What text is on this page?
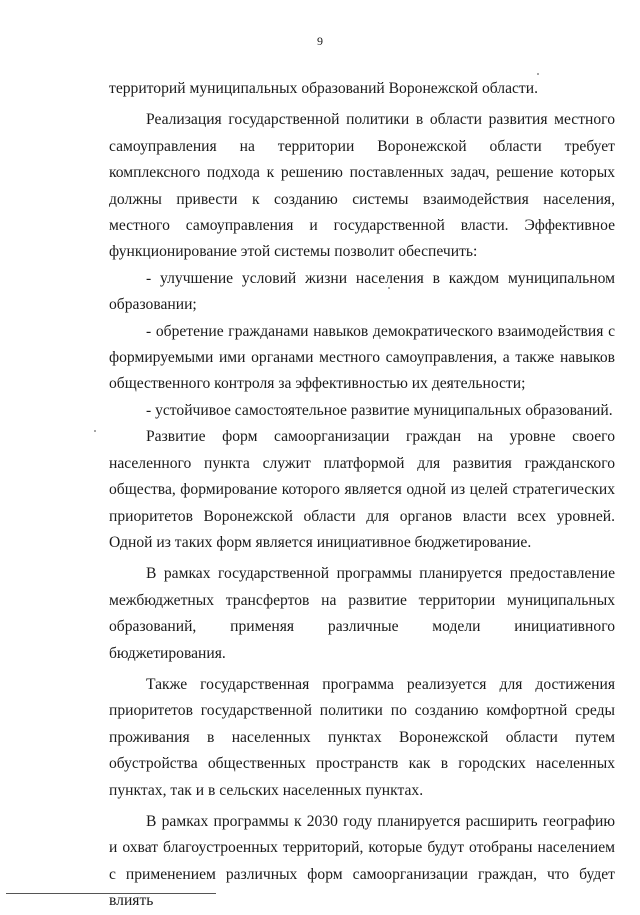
9

территорий муниципальных образований Воронежской области.

Реализация государственной политики в области развития местного самоуправления на территории Воронежской области требует комплексного подхода к решению поставленных задач, решение которых должны привести к созданию системы взаимодействия населения, местного самоуправления и государственной власти. Эффективное функционирование этой системы позволит обеспечить:

- улучшение условий жизни населения в каждом муниципальном образовании;

- обретение гражданами навыков демократического взаимодействия с формируемыми ими органами местного самоуправления, а также навыков общественного контроля за эффективностью их деятельности;

- устойчивое самостоятельное развитие муниципальных образований.

Развитие форм самоорганизации граждан на уровне своего населенного пункта служит платформой для развития гражданского общества, формирование которого является одной из целей стратегических приоритетов Воронежской области для органов власти всех уровней. Одной из таких форм является инициативное бюджетирование.

В рамках государственной программы планируется предоставление межбюджетных трансфертов на развитие территории муниципальных образований, применяя различные модели инициативного бюджетирования.

Также государственная программа реализуется для достижения приоритетов государственной политики по созданию комфортной среды проживания в населенных пунктах Воронежской области путем обустройства общественных пространств как в городских населенных пунктах, так и в сельских населенных пунктах.

В рамках программы к 2030 году планируется расширить географию и охват благоустроенных территорий, которые будут отобраны населением с применением различных форм самоорганизации граждан, что будет влиять
